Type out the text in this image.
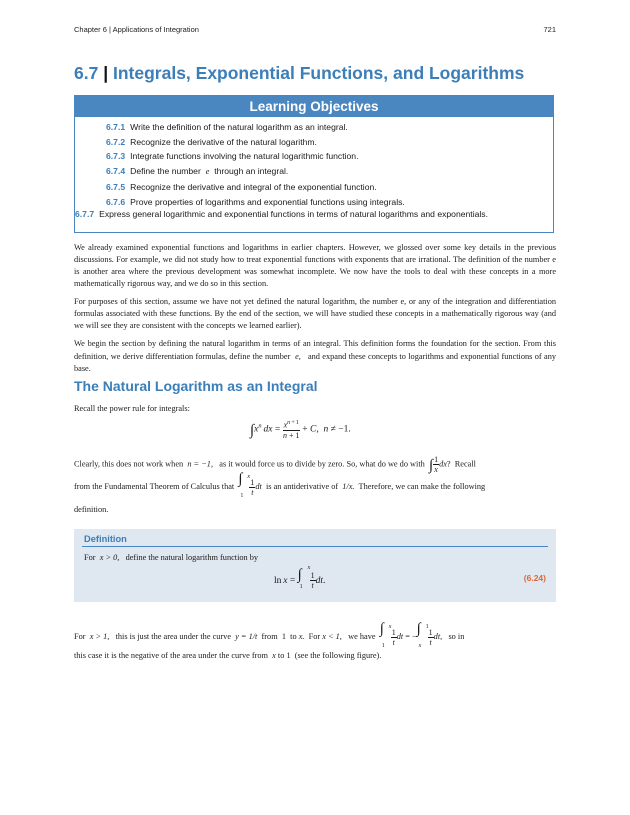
Chapter 6 | Applications of Integration	721
6.7 | Integrals, Exponential Functions, and Logarithms
Learning Objectives
6.7.1 Write the definition of the natural logarithm as an integral.
6.7.2 Recognize the derivative of the natural logarithm.
6.7.3 Integrate functions involving the natural logarithmic function.
6.7.4 Define the number e through an integral.
6.7.5 Recognize the derivative and integral of the exponential function.
6.7.6 Prove properties of logarithms and exponential functions using integrals.
6.7.7 Express general logarithmic and exponential functions in terms of natural logarithms and exponentials.
We already examined exponential functions and logarithms in earlier chapters. However, we glossed over some key details in the previous discussions. For example, we did not study how to treat exponential functions with exponents that are irrational. The definition of the number e is another area where the previous development was somewhat incomplete. We now have the tools to deal with these concepts in a more mathematically rigorous way, and we do so in this section.
For purposes of this section, assume we have not yet defined the natural logarithm, the number e, or any of the integration and differentiation formulas associated with these functions. By the end of the section, we will have studied these concepts in a mathematically rigorous way (and we will see they are consistent with the concepts we learned earlier).
We begin the section by defining the natural logarithm in terms of an integral. This definition forms the foundation for the section. From this definition, we derive differentiation formulas, define the number e, and expand these concepts to logarithms and exponential functions of any base.
The Natural Logarithm as an Integral
Recall the power rule for integrals:
$\int x^n$  dx = $\frac{x^{n + 1}}{n + 1} + C$,  n ≠ −1.
Clearly, this does not work when n = −1, as it would force us to divide by zero. So, what do we do with ∫ $\frac{1}{x}$ dx?  Recall
from the Fundamental Theorem of Calculus that ∫ x
$1 \frac{1}{t}$ dt is an antiderivative of 1/x. Therefore, we can make the following
definition.
Definition
For x > 0, define the natural logarithm function by
ln x = ∫ x
$1 \frac{1}{t}$ dt.	(6.24)
For x > 1, this is just the area under the curve y = 1/t from 1 to x. For x < 1, we have ∫ x
$1 \frac{1}{t}$ dt = − ∫ 1
x $\frac{1}{t}$ dt,   so in
this case it is the negative of the area under the curve from x to 1 (see the following figure).
